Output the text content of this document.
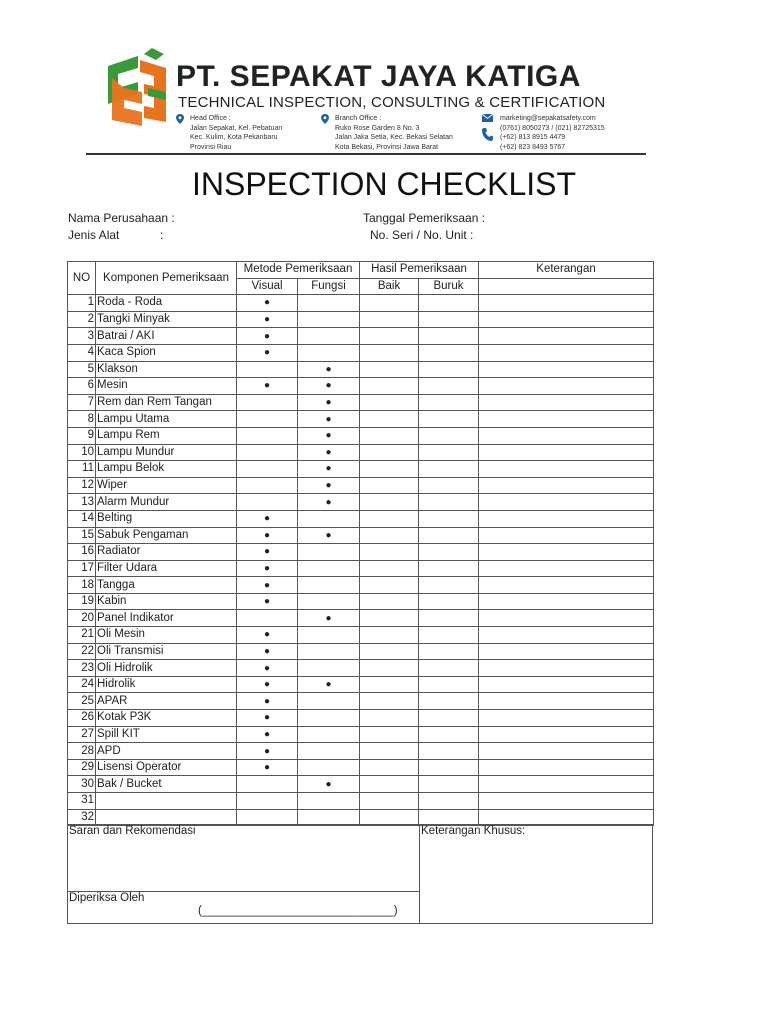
PT. SEPAKAT JAYA KATIGA
TECHNICAL INSPECTION, CONSULTING & CERTIFICATION
Head Office :
Jalan Sepakat, Kel. Pebatuan
Kec. Kulim, Kota Pekanbaru
Provinsi Riau
Branch Office :
Ruko Rose Garden 8 No. 3
Jalan Jaka Setia, Kec. Bekasi Selatan
Kota Bekasi, Provinsi Jawa Barat
marketing@sepakatsafety.com
(0761) 8050273 / (021) 82725315
(+62) 813 8915 4479
(+62) 823 8493 5767
INSPECTION CHECKLIST
Nama Perusahaan :
Jenis Alat	:
Tanggal Pemeriksaan :
No. Seri / No. Unit :
NO	Komponen Pemeriksaan	Metode Pemeriksaan		Hasil Pemeriksaan		Keterangan
		Visual	Fungsi	Baik	Buruk	
1	Roda - Roda	●				
2	Tangki Minyak	●				
3	Batrai / AKI	●				
4	Kaca Spion	●				
5	Klakson		●			
6	Mesin	●	●			
7	Rem dan Rem Tangan		●			
8	Lampu Utama		●			
9	Lampu Rem		●			
10	Lampu Mundur		●			
11	Lampu Belok		●			
12	Wiper		●			
13	Alarm Mundur		●			
14	Belting	●				
15	Sabuk Pengaman	●	●			
16	Radiator	●				
17	Filter Udara	●				
18	Tangga	●				
19	Kabin	●				
20	Panel Indikator		●			
21	Oli Mesin	●				
22	Oli Transmisi	●				
23	Oli Hidrolik	●				
24	Hidrolik	●	●			
25	APAR	●				
26	Kotak P3K	●				
27	Spill KIT	●				
28	APD	●				
29	Lisensi Operator	●				
30	Bak / Bucket		●			
31						
32						
Saran dan Rekomendasi
Diperiksa Oleh
(______________________________)
Keterangan Khusus:
